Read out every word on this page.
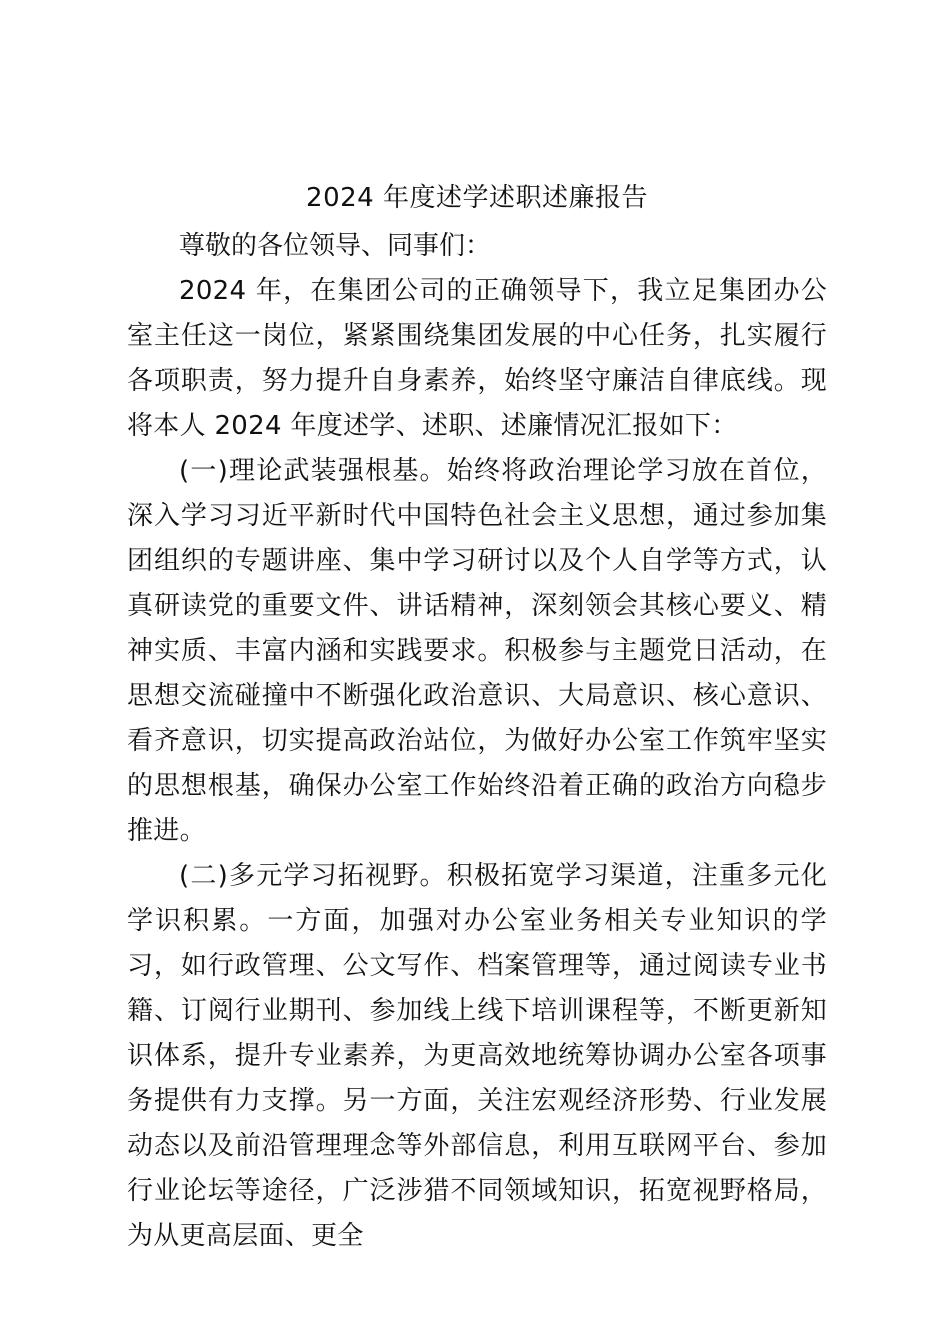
2024 年度述学述职述廉报告

尊敬的各位领导、同事们：

2024 年，在集团公司的正确领导下，我立足集团办公室主任这一岗位，紧紧围绕集团发展的中心任务，扎实履行各项职责，努力提升自身素养，始终坚守廉洁自律底线。现将本人 2024 年度述学、述职、述廉情况汇报如下：

(一)理论武装强根基。始终将政治理论学习放在首位，深入学习习近平新时代中国特色社会主义思想，通过参加集团组织的专题讲座、集中学习研讨以及个人自学等方式，认真研读党的重要文件、讲话精神，深刻领会其核心要义、精神实质、丰富内涵和实践要求。积极参与主题党日活动，在思想交流碰撞中不断强化政治意识、大局意识、核心意识、看齐意识，切实提高政治站位，为做好办公室工作筑牢坚实的思想根基，确保办公室工作始终沿着正确的政治方向稳步推进。

(二)多元学习拓视野。积极拓宽学习渠道，注重多元化学识积累。一方面，加强对办公室业务相关专业知识的学习，如行政管理、公文写作、档案管理等，通过阅读专业书籍、订阅行业期刊、参加线上线下培训课程等，不断更新知识体系，提升专业素养，为更高效地统筹协调办公室各项事务提供有力支撑。另一方面，关注宏观经济形势、行业发展动态以及前沿管理理念等外部信息，利用互联网平台、参加行业论坛等途径，广泛涉猎不同领域知识，拓宽视野格局，为从更高层面、更全
